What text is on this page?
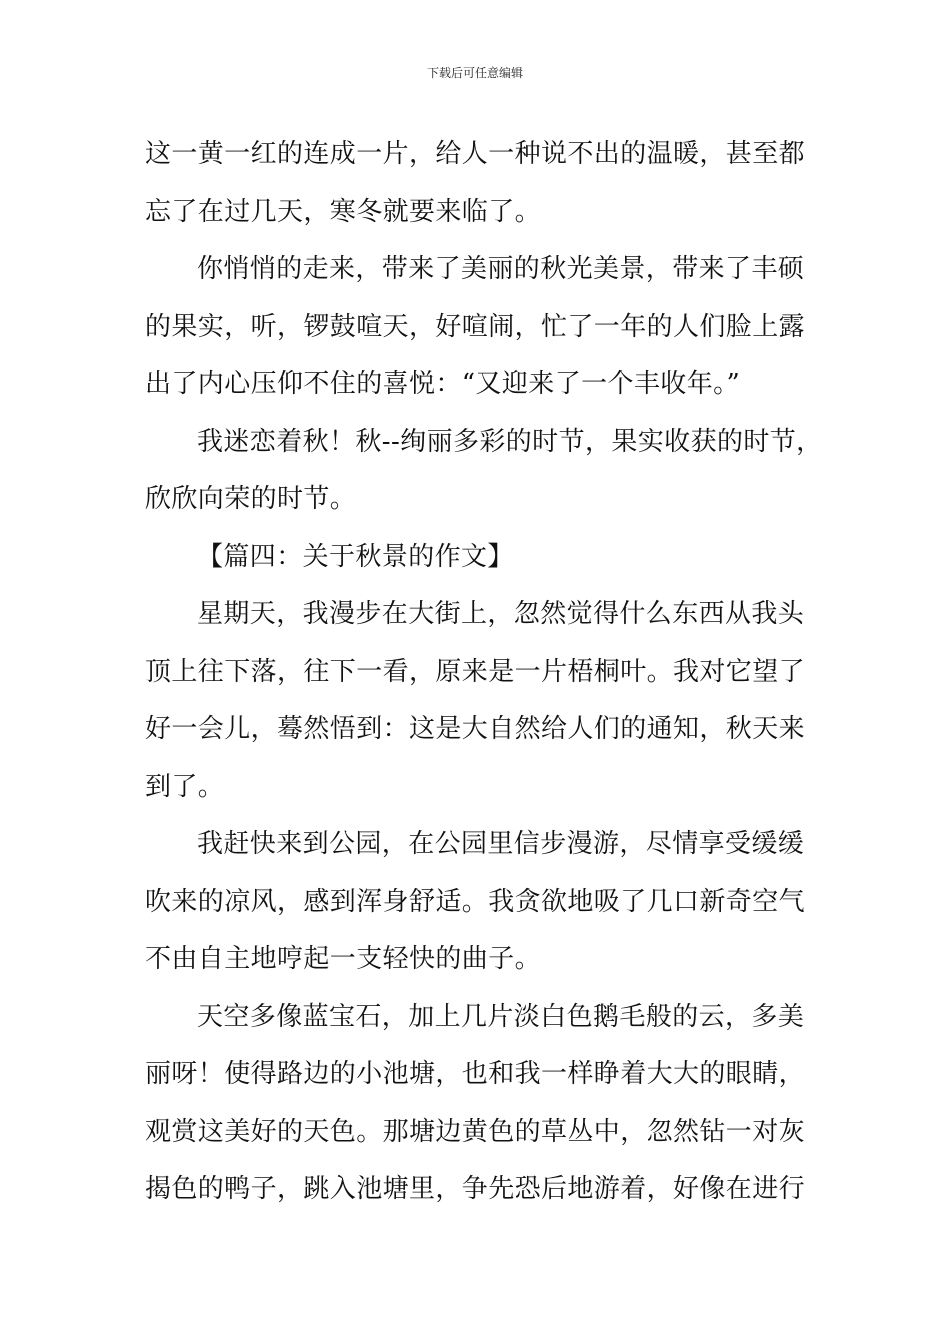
下载后可任意编辑
这一黄一红的连成一片，给人一种说不出的温暖，甚至都
忘了在过几天，寒冬就要来临了。
你悄悄的走来，带来了美丽的秋光美景，带来了丰硕
的果实，听，锣鼓喧天，好喧闹，忙了一年的人们脸上露
出了内心压仰不住的喜悦：“又迎来了一个丰收年。”
我迷恋着秋！秋--绚丽多彩的时节，果实收获的时节，
欣欣向荣的时节。
【篇四：关于秋景的作文】
星期天，我漫步在大街上，忽然觉得什么东西从我头
顶上往下落，往下一看，原来是一片梧桐叶。我对它望了
好一会儿，蓦然悟到：这是大自然给人们的通知，秋天来
到了。
我赶快来到公园，在公园里信步漫游，尽情享受缓缓
吹来的凉风，感到浑身舒适。我贪欲地吸了几口新奇空气
不由自主地哼起一支轻快的曲子。
天空多像蓝宝石，加上几片淡白色鹅毛般的云，多美
丽呀！使得路边的小池塘，也和我一样睁着大大的眼睛，
观赏这美好的天色。那塘边黄色的草丛中，忽然钻一对灰
揭色的鸭子，跳入池塘里，争先恐后地游着，好像在进行
